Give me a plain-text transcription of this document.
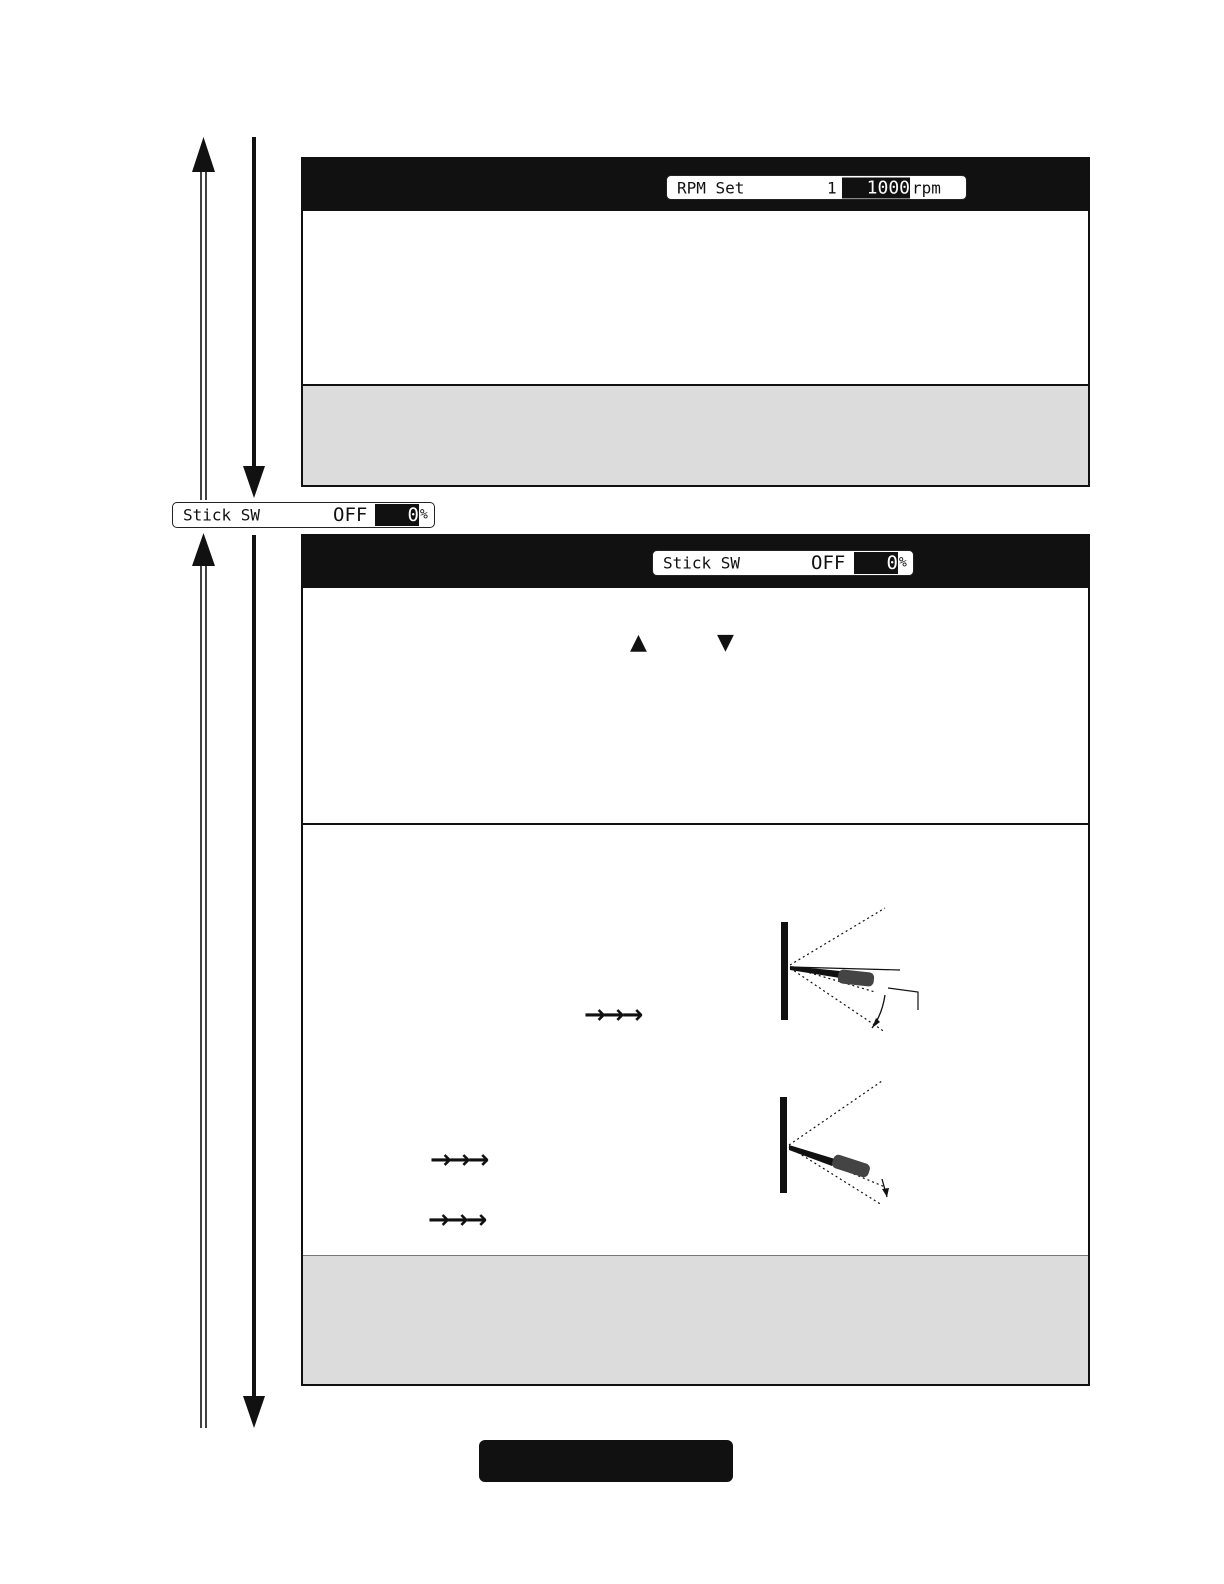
RPM Set	1	1000 rpm
Stick SW	OFF	0 %
Stick SW	OFF	0 %
▲	▼
→→→
→→→
→→→
